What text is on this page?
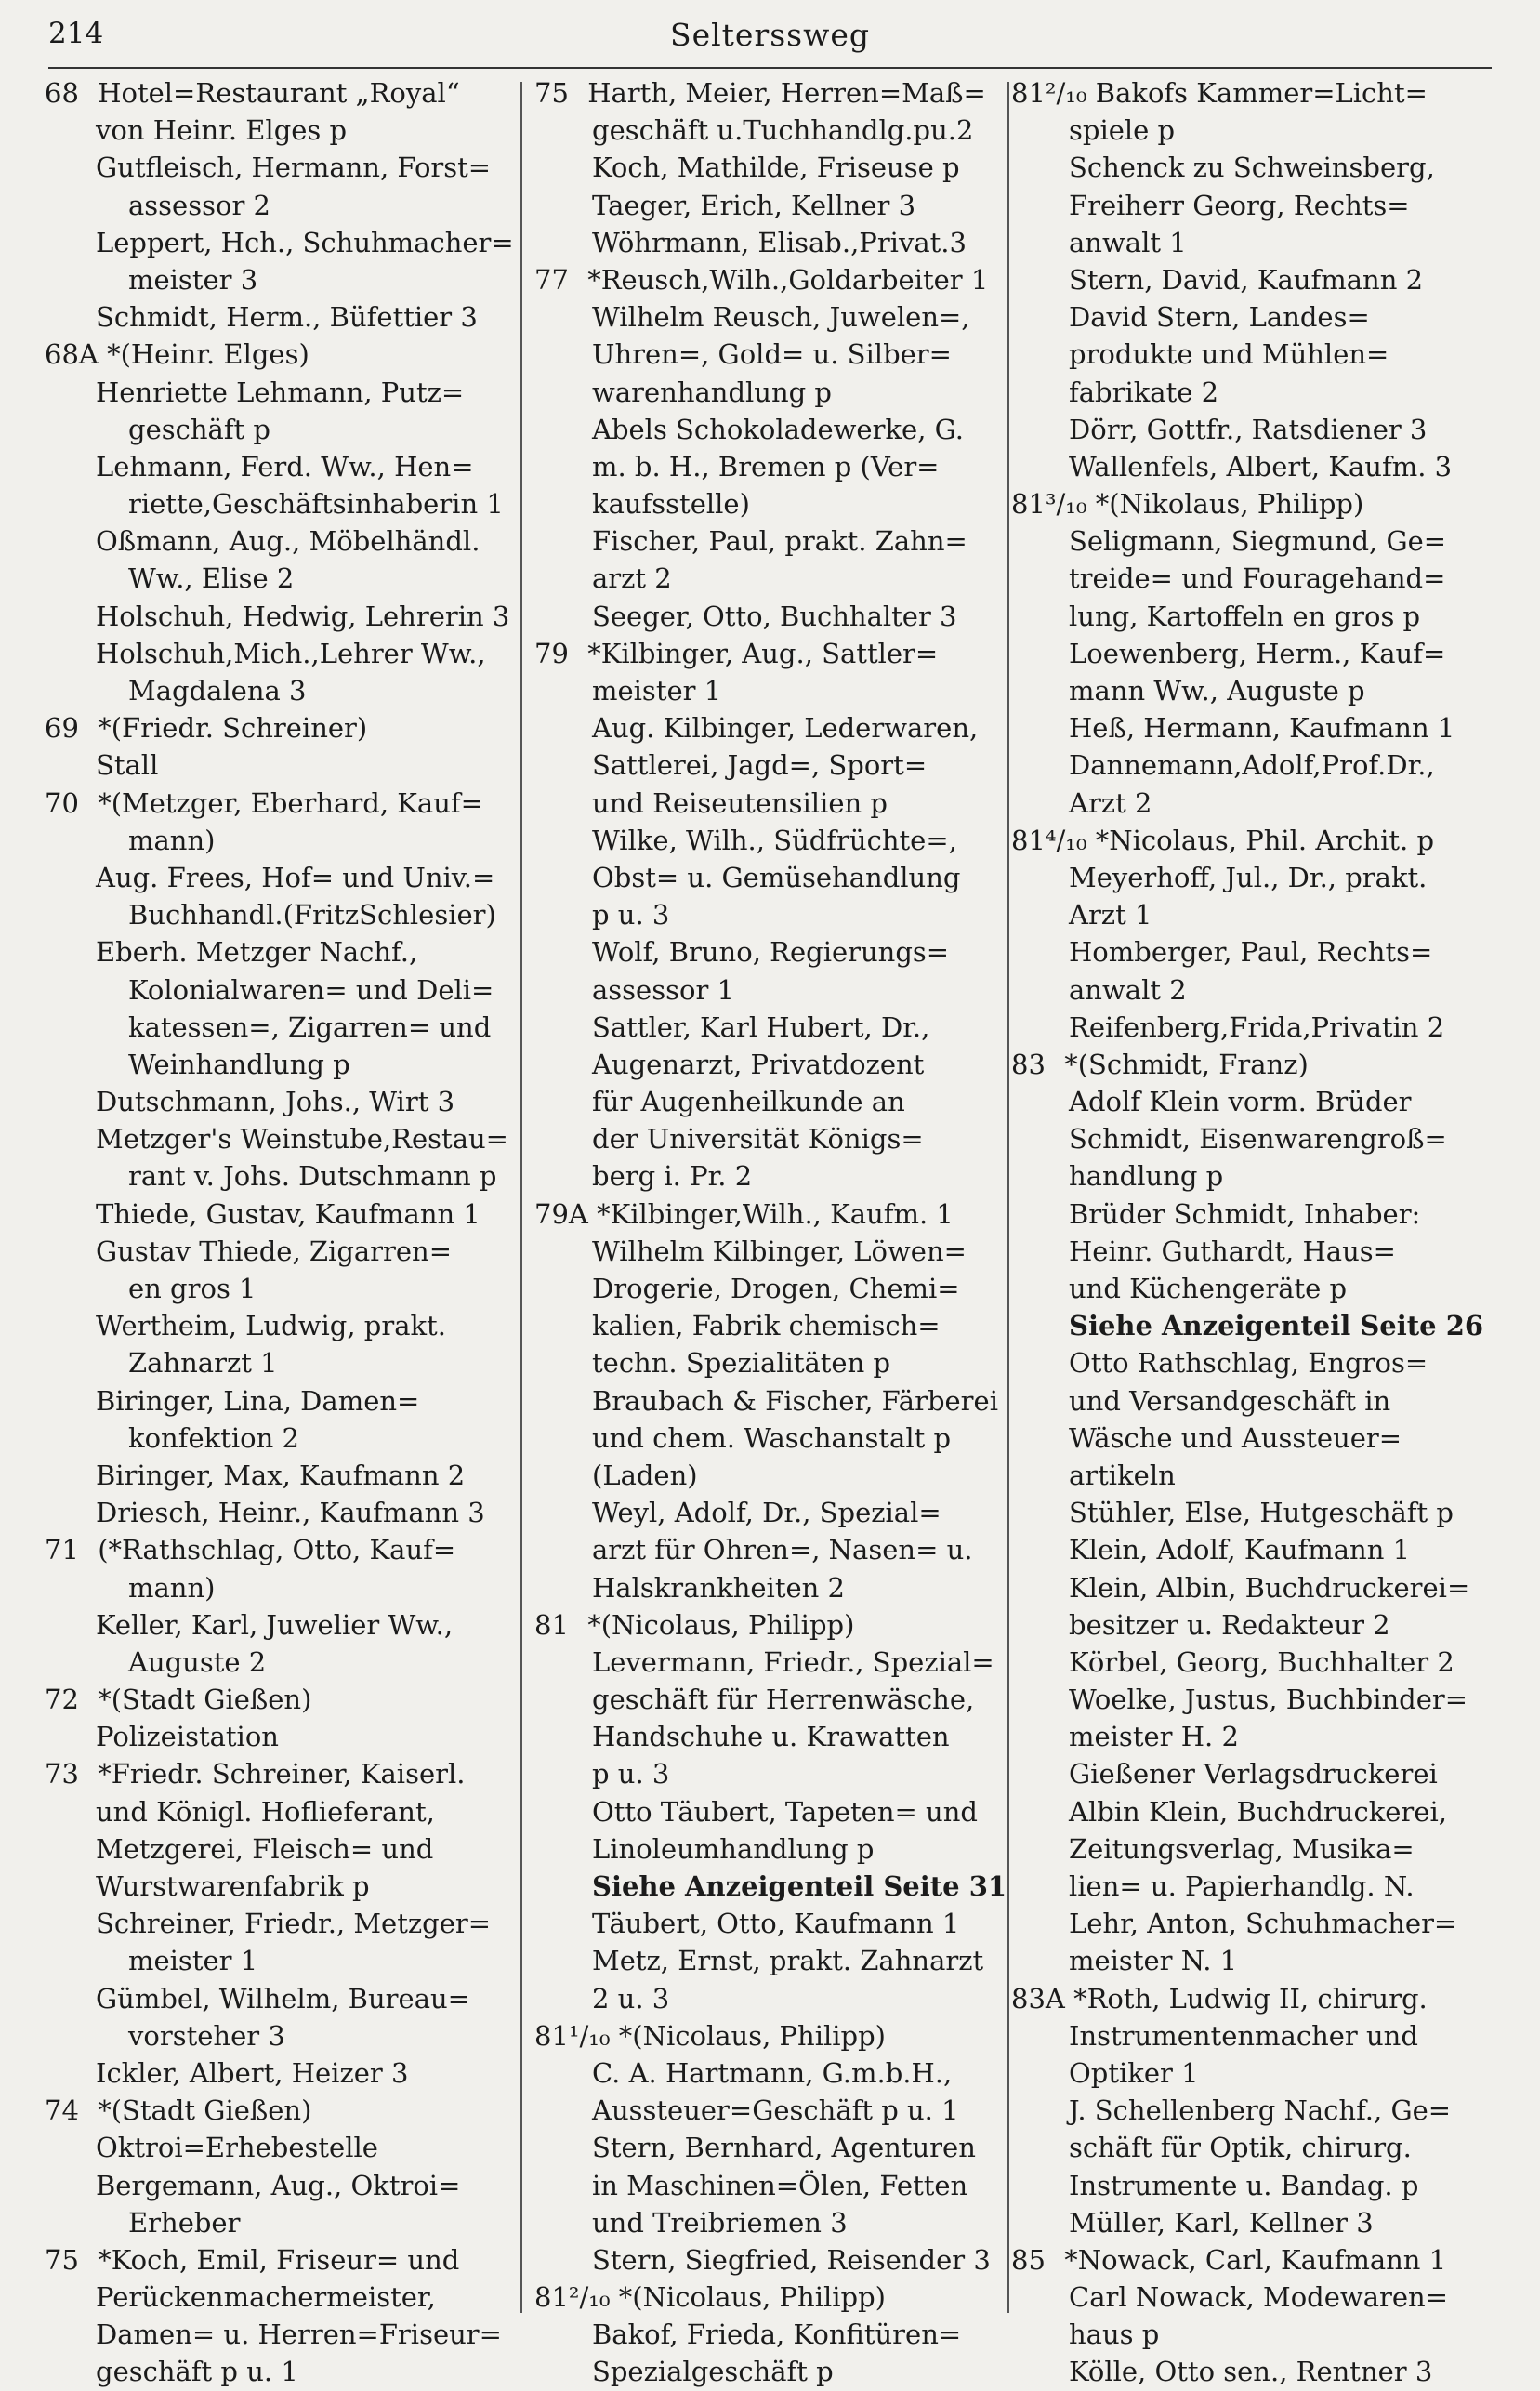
214	Selterssweg
68 Hotel=Restaurant „Royal“
von Heinr. Elges p
Gutfleisch, Hermann, Forst=
assessor 2
Leppert, Hch., Schuhmacher=
meister 3
Schmidt, Herm., Büfettier 3
68A *(Heinr. Elges)
Henriette Lehmann, Putz=
geschäft p
Lehmann, Ferd. Ww., Hen=
riette,Geschäftsinhaberin 1
Oßmann, Aug., Möbelhändl.
Ww., Elise 2
Holschuh, Hedwig, Lehrerin 3
Holschuh,Mich.,Lehrer Ww.,
Magdalena 3
69 *(Friedr. Schreiner)
Stall
70 *(Metzger, Eberhard, Kauf=
mann)
Aug. Frees, Hof= und Univ.=
Buchhandl.(FritzSchlesier)
Eberh. Metzger Nachf.,
Kolonialwaren= und Deli=
katessen=, Zigarren= und
Weinhandlung p
Dutschmann, Johs., Wirt 3
Metzger's Weinstube,Restau=
rant v. Johs. Dutschmann p
Thiede, Gustav, Kaufmann 1
Gustav Thiede, Zigarren=
en gros 1
Wertheim, Ludwig, prakt.
Zahnarzt 1
Biringer, Lina, Damen=
konfektion 2
Biringer, Max, Kaufmann 2
Driesch, Heinr., Kaufmann 3
71 (*Rathschlag, Otto, Kauf=
mann)
Keller, Karl, Juwelier Ww.,
Auguste 2
72 *(Stadt Gießen)
Polizeistation
73 *Friedr. Schreiner, Kaiserl.
und Königl. Hoflieferant,
Metzgerei, Fleisch= und
Wurstwarenfabrik p
Schreiner, Friedr., Metzger=
meister 1
Gümbel, Wilhelm, Bureau=
vorsteher 3
Ickler, Albert, Heizer 3
74 *(Stadt Gießen)
Oktroi=Erhebestelle
Bergemann, Aug., Oktroi=
Erheber
75 *Koch, Emil, Friseur= und
Perückenmachermeister,
Damen= u. Herren=Friseur=
geschäft p u. 1
75 Harth, Meier, Herren=Maß=
geschäft u.Tuchhandlg.pu.2
Koch, Mathilde, Friseuse p
Taeger, Erich, Kellner 3
Wöhrmann, Elisab.,Privat.3
77 *Reusch,Wilh.,Goldarbeiter 1
Wilhelm Reusch, Juwelen=,
Uhren=, Gold= u. Silber=
warenhandlung p
Abels Schokoladewerke, G.
m. b. H., Bremen p (Ver=
kaufsstelle)
Fischer, Paul, prakt. Zahn=
arzt 2
Seeger, Otto, Buchhalter 3
79 *Kilbinger, Aug., Sattler=
meister 1
Aug. Kilbinger, Lederwaren,
Sattlerei, Jagd=, Sport=
und Reiseutensilien p
Wilke, Wilh., Südfrüchte=,
Obst= u. Gemüsehandlung
p u. 3
Wolf, Bruno, Regierungs=
assessor 1
Sattler, Karl Hubert, Dr.,
Augenarzt, Privatdozent
für Augenheilkunde an
der Universität Königs=
berg i. Pr. 2
79A *Kilbinger,Wilh., Kaufm. 1
Wilhelm Kilbinger, Löwen=
Drogerie, Drogen, Chemi=
kalien, Fabrik chemisch=
techn. Spezialitäten p
Braubach & Fischer, Färberei
und chem. Waschanstalt p
(Laden)
Weyl, Adolf, Dr., Spezial=
arzt für Ohren=, Nasen= u.
Halskrankheiten 2
81 *(Nicolaus, Philipp)
Levermann, Friedr., Spezial=
geschäft für Herrenwäsche,
Handschuhe u. Krawatten
p u. 3
Otto Täubert, Tapeten= und
Linoleumhandlung p
Siehe Anzeigenteil Seite 31
Täubert, Otto, Kaufmann 1
Metz, Ernst, prakt. Zahnarzt
2 u. 3
81¹/₁₀ *(Nicolaus, Philipp)
C. A. Hartmann, G.m.b.H.,
Aussteuer=Geschäft p u. 1
Stern, Bernhard, Agenturen
in Maschinen=Ölen, Fetten
und Treibriemen 3
Stern, Siegfried, Reisender 3
81²/₁₀ *(Nicolaus, Philipp)
Bakof, Frieda, Konfitüren=
Spezialgeschäft p
81²/₁₀ Bakofs Kammer=Licht=
spiele p
Schenck zu Schweinsberg,
Freiherr Georg, Rechts=
anwalt 1
Stern, David, Kaufmann 2
David Stern, Landes=
produkte und Mühlen=
fabrikate 2
Dörr, Gottfr., Ratsdiener 3
Wallenfels, Albert, Kaufm. 3
81³/₁₀ *(Nikolaus, Philipp)
Seligmann, Siegmund, Ge=
treide= und Fouragehand=
lung, Kartoffeln en gros p
Loewenberg, Herm., Kauf=
mann Ww., Auguste p
Heß, Hermann, Kaufmann 1
Dannemann,Adolf,Prof.Dr.,
Arzt 2
81⁴/₁₀ *Nicolaus, Phil. Archit. p
Meyerhoff, Jul., Dr., prakt.
Arzt 1
Homberger, Paul, Rechts=
anwalt 2
Reifenberg,Frida,Privatin 2
83 *(Schmidt, Franz)
Adolf Klein vorm. Brüder
Schmidt, Eisenwarengroß=
handlung p
Brüder Schmidt, Inhaber:
Heinr. Guthardt, Haus=
und Küchengeräte p
Siehe Anzeigenteil Seite 26
Otto Rathschlag, Engros=
und Versandgeschäft in
Wäsche und Aussteuer=
artikeln
Stühler, Else, Hutgeschäft p
Klein, Adolf, Kaufmann 1
Klein, Albin, Buchdruckerei=
besitzer u. Redakteur 2
Körbel, Georg, Buchhalter 2
Woelke, Justus, Buchbinder=
meister H. 2
Gießener Verlagsdruckerei
Albin Klein, Buchdruckerei,
Zeitungsverlag, Musika=
lien= u. Papierhandlg. N.
Lehr, Anton, Schuhmacher=
meister N. 1
83A *Roth, Ludwig II, chirurg.
Instrumentenmacher und
Optiker 1
J. Schellenberg Nachf., Ge=
schäft für Optik, chirurg.
Instrumente u. Bandag. p
Müller, Karl, Kellner 3
85 *Nowack, Carl, Kaufmann 1
Carl Nowack, Modewaren=
haus p
Kölle, Otto sen., Rentner 3
